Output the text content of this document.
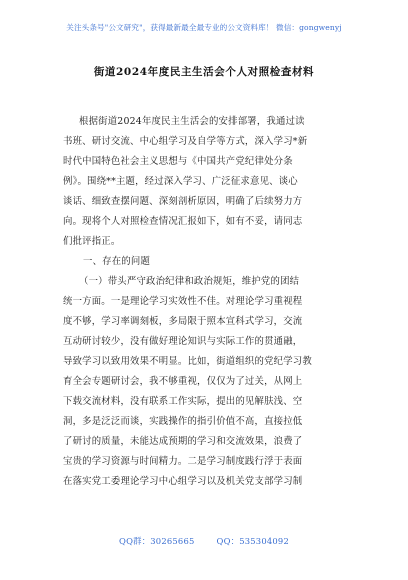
关注头条号"公文研究"，获得最新最全最专业的公文资料库！ 微信：gongwenyj
街道2024年度民主生活会个人对照检查材料
根据街道2024年度民主生活会的安排部署，我通过读
书班、研讨交流、中心组学习及自学等方式，深入学习*新
时代中国特色社会主义思想与《中国共产党纪律处分条
例》。围绕**主题，经过深入学习、广泛征求意见、谈心
谈话、细致查摆问题、深刻剖析原因，明确了后续努力方
向。现将个人对照检查情况汇报如下，如有不妥，请同志
们批评指正。
一、存在的问题
（一）带头严守政治纪律和政治规矩，维护党的团结
统一方面。一是理论学习实效性不佳。对理论学习重视程
度不够，学习率调刻板，多局限于照本宣科式学习，交流
互动研讨较少，没有做好理论知识与实际工作的贯通融，
导致学习以致用效果不明显。比如，街道组织的党纪学习教
育全会专题研讨会，我不够重视，仅仅为了过关，从网上
下载交流材料，没有联系工作实际，提出的见解肤浅、空
洞，多是泛泛而谈，实践操作的指引价值不高，直接拉低
了研讨的质量，未能达成预期的学习和交流效果，浪费了
宝贵的学习资源与时间精力。二是学习制度践行浮于表面
在落实党工委理论学习中心组学习以及机关党支部学习制
QQ群：30265665	QQ：535304092
